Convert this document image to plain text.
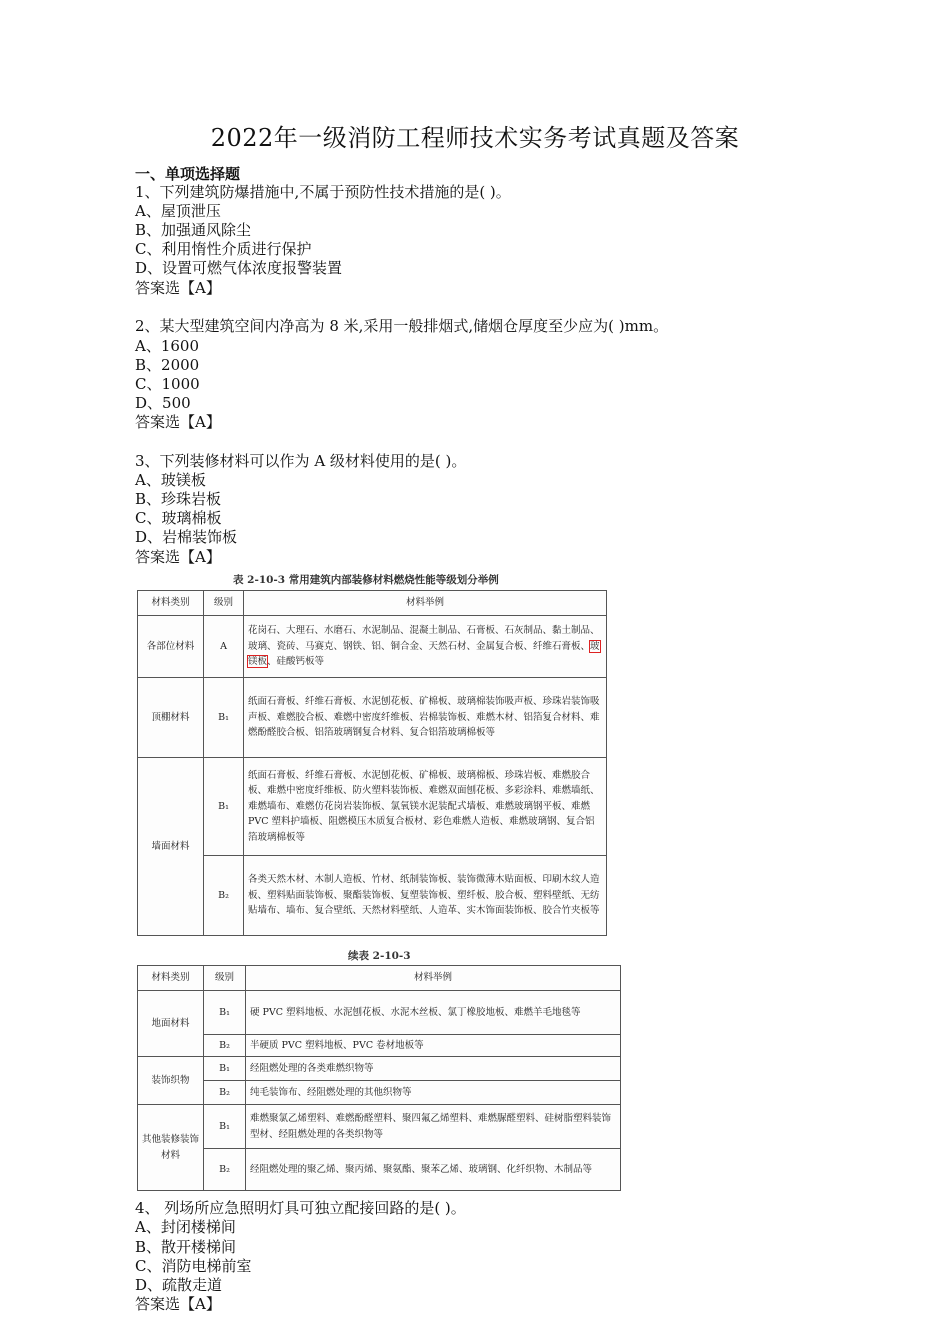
2022年一级消防工程师技术实务考试真题及答案
一、单项选择题
1、下列建筑防爆措施中,不属于预防性技术措施的是( )。
A、屋顶泄压
B、加强通风除尘
C、利用惰性介质进行保护
D、设置可燃气体浓度报警装置
答案选【A】
2、某大型建筑空间内净高为 8 米,采用一般排烟式,储烟仓厚度至少应为( )mm。
A、1600
B、2000
C、1000
D、500
答案选【A】
3、下列装修材料可以作为 A 级材料使用的是( )。
A、玻镁板
B、珍珠岩板
C、玻璃棉板
D、岩棉装饰板
答案选【A】
表 2-10-3 常用建筑内部装修材料燃烧性能等级划分举例
材料类别	级别	材料举例
各部位材料	A	花岗石、大理石、水磨石、水泥制品、混凝土制品、石膏板、石灰制品、黏土制品、玻璃、瓷砖、马赛克、钢铁、铝、铜合金、天然石材、金属复合板、纤维石膏板、玻镁板、硅酸钙板等
顶棚材料	B₁	纸面石膏板、纤维石膏板、水泥刨花板、矿棉板、玻璃棉装饰吸声板、珍珠岩装饰吸声板、难燃胶合板、难燃中密度纤维板、岩棉装饰板、难燃木材、铝箔复合材料、难燃酚醛胶合板、铝箔玻璃钢复合材料、复合铝箔玻璃棉板等
墙面材料	B₁	纸面石膏板、纤维石膏板、水泥刨花板、矿棉板、玻璃棉板、珍珠岩板、难燃胶合板、难燃中密度纤维板、防火塑料装饰板、难燃双面刨花板、多彩涂料、难燃墙纸、难燃墙布、难燃仿花岗岩装饰板、氯氧镁水泥装配式墙板、难燃玻璃钢平板、难燃 PVC 塑料护墙板、阻燃模压木质复合板材、彩色难燃人造板、难燃玻璃钢、复合铝箔玻璃棉板等
	B₂	各类天然木材、木制人造板、竹材、纸制装饰板、装饰微薄木贴面板、印刷木纹人造板、塑料贴面装饰板、聚酯装饰板、复塑装饰板、塑纤板、胶合板、塑料壁纸、无纺贴墙布、墙布、复合壁纸、天然材料壁纸、人造革、实木饰面装饰板、胶合竹夹板等
续表 2-10-3
材料类别	级别	材料举例
地面材料	B₁	硬 PVC 塑料地板、水泥刨花板、水泥木丝板、氯丁橡胶地板、难燃羊毛地毯等
	B₂	半硬质 PVC 塑料地板、PVC 卷材地板等
装饰织物	B₁	经阻燃处理的各类难燃织物等
	B₂	纯毛装饰布、经阻燃处理的其他织物等
其他装修装饰材料	B₁	难燃聚氯乙烯塑料、难燃酚醛塑料、聚四氟乙烯塑料、难燃脲醛塑料、硅树脂塑料装饰型材、经阻燃处理的各类织物等
	B₂	经阻燃处理的聚乙烯、聚丙烯、聚氨酯、聚苯乙烯、玻璃钢、化纤织物、木制品等
4、 列场所应急照明灯具可独立配接回路的是( )。
A、封闭楼梯间
B、散开楼梯间
C、消防电梯前室
D、疏散走道
答案选【A】
